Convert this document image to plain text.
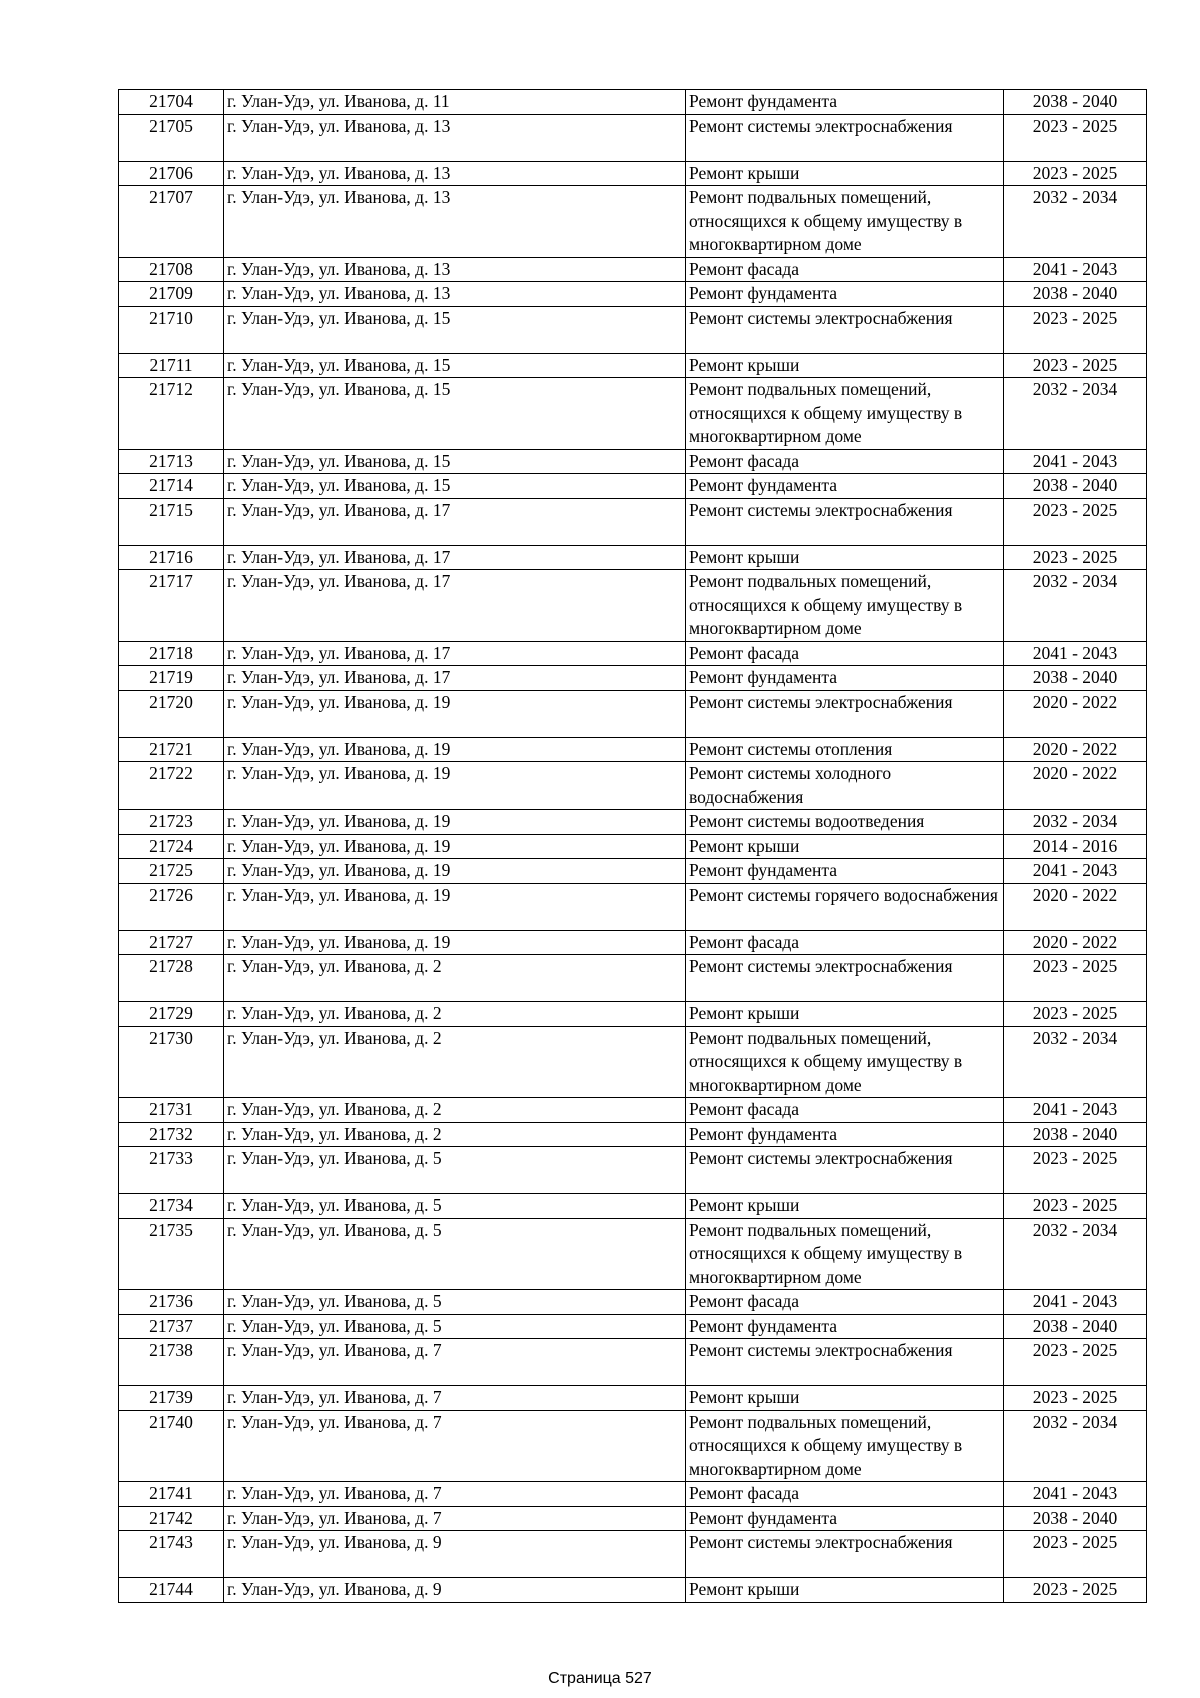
21704	г. Улан-Удэ, ул. Иванова, д. 11	Ремонт фундамента	2038 - 2040
21705	г. Улан-Удэ, ул. Иванова, д. 13	Ремонт системы электроснабжения	2023 - 2025
21706	г. Улан-Удэ, ул. Иванова, д. 13	Ремонт крыши	2023 - 2025
21707	г. Улан-Удэ, ул. Иванова, д. 13	Ремонт подвальных помещений, относящихся к общему имуществу в многоквартирном доме	2032 - 2034
21708	г. Улан-Удэ, ул. Иванова, д. 13	Ремонт фасада	2041 - 2043
21709	г. Улан-Удэ, ул. Иванова, д. 13	Ремонт фундамента	2038 - 2040
21710	г. Улан-Удэ, ул. Иванова, д. 15	Ремонт системы электроснабжения	2023 - 2025
21711	г. Улан-Удэ, ул. Иванова, д. 15	Ремонт крыши	2023 - 2025
21712	г. Улан-Удэ, ул. Иванова, д. 15	Ремонт подвальных помещений, относящихся к общему имуществу в многоквартирном доме	2032 - 2034
21713	г. Улан-Удэ, ул. Иванова, д. 15	Ремонт фасада	2041 - 2043
21714	г. Улан-Удэ, ул. Иванова, д. 15	Ремонт фундамента	2038 - 2040
21715	г. Улан-Удэ, ул. Иванова, д. 17	Ремонт системы электроснабжения	2023 - 2025
21716	г. Улан-Удэ, ул. Иванова, д. 17	Ремонт крыши	2023 - 2025
21717	г. Улан-Удэ, ул. Иванова, д. 17	Ремонт подвальных помещений, относящихся к общему имуществу в многоквартирном доме	2032 - 2034
21718	г. Улан-Удэ, ул. Иванова, д. 17	Ремонт фасада	2041 - 2043
21719	г. Улан-Удэ, ул. Иванова, д. 17	Ремонт фундамента	2038 - 2040
21720	г. Улан-Удэ, ул. Иванова, д. 19	Ремонт системы электроснабжения	2020 - 2022
21721	г. Улан-Удэ, ул. Иванова, д. 19	Ремонт системы отопления	2020 - 2022
21722	г. Улан-Удэ, ул. Иванова, д. 19	Ремонт системы холодного водоснабжения	2020 - 2022
21723	г. Улан-Удэ, ул. Иванова, д. 19	Ремонт системы водоотведения	2032 - 2034
21724	г. Улан-Удэ, ул. Иванова, д. 19	Ремонт крыши	2014 - 2016
21725	г. Улан-Удэ, ул. Иванова, д. 19	Ремонт фундамента	2041 - 2043
21726	г. Улан-Удэ, ул. Иванова, д. 19	Ремонт системы горячего водоснабжения	2020 - 2022
21727	г. Улан-Удэ, ул. Иванова, д. 19	Ремонт фасада	2020 - 2022
21728	г. Улан-Удэ, ул. Иванова, д. 2	Ремонт системы электроснабжения	2023 - 2025
21729	г. Улан-Удэ, ул. Иванова, д. 2	Ремонт крыши	2023 - 2025
21730	г. Улан-Удэ, ул. Иванова, д. 2	Ремонт подвальных помещений, относящихся к общему имуществу в многоквартирном доме	2032 - 2034
21731	г. Улан-Удэ, ул. Иванова, д. 2	Ремонт фасада	2041 - 2043
21732	г. Улан-Удэ, ул. Иванова, д. 2	Ремонт фундамента	2038 - 2040
21733	г. Улан-Удэ, ул. Иванова, д. 5	Ремонт системы электроснабжения	2023 - 2025
21734	г. Улан-Удэ, ул. Иванова, д. 5	Ремонт крыши	2023 - 2025
21735	г. Улан-Удэ, ул. Иванова, д. 5	Ремонт подвальных помещений, относящихся к общему имуществу в многоквартирном доме	2032 - 2034
21736	г. Улан-Удэ, ул. Иванова, д. 5	Ремонт фасада	2041 - 2043
21737	г. Улан-Удэ, ул. Иванова, д. 5	Ремонт фундамента	2038 - 2040
21738	г. Улан-Удэ, ул. Иванова, д. 7	Ремонт системы электроснабжения	2023 - 2025
21739	г. Улан-Удэ, ул. Иванова, д. 7	Ремонт крыши	2023 - 2025
21740	г. Улан-Удэ, ул. Иванова, д. 7	Ремонт подвальных помещений, относящихся к общему имуществу в многоквартирном доме	2032 - 2034
21741	г. Улан-Удэ, ул. Иванова, д. 7	Ремонт фасада	2041 - 2043
21742	г. Улан-Удэ, ул. Иванова, д. 7	Ремонт фундамента	2038 - 2040
21743	г. Улан-Удэ, ул. Иванова, д. 9	Ремонт системы электроснабжения	2023 - 2025
21744	г. Улан-Удэ, ул. Иванова, д. 9	Ремонт крыши	2023 - 2025
Страница 527
